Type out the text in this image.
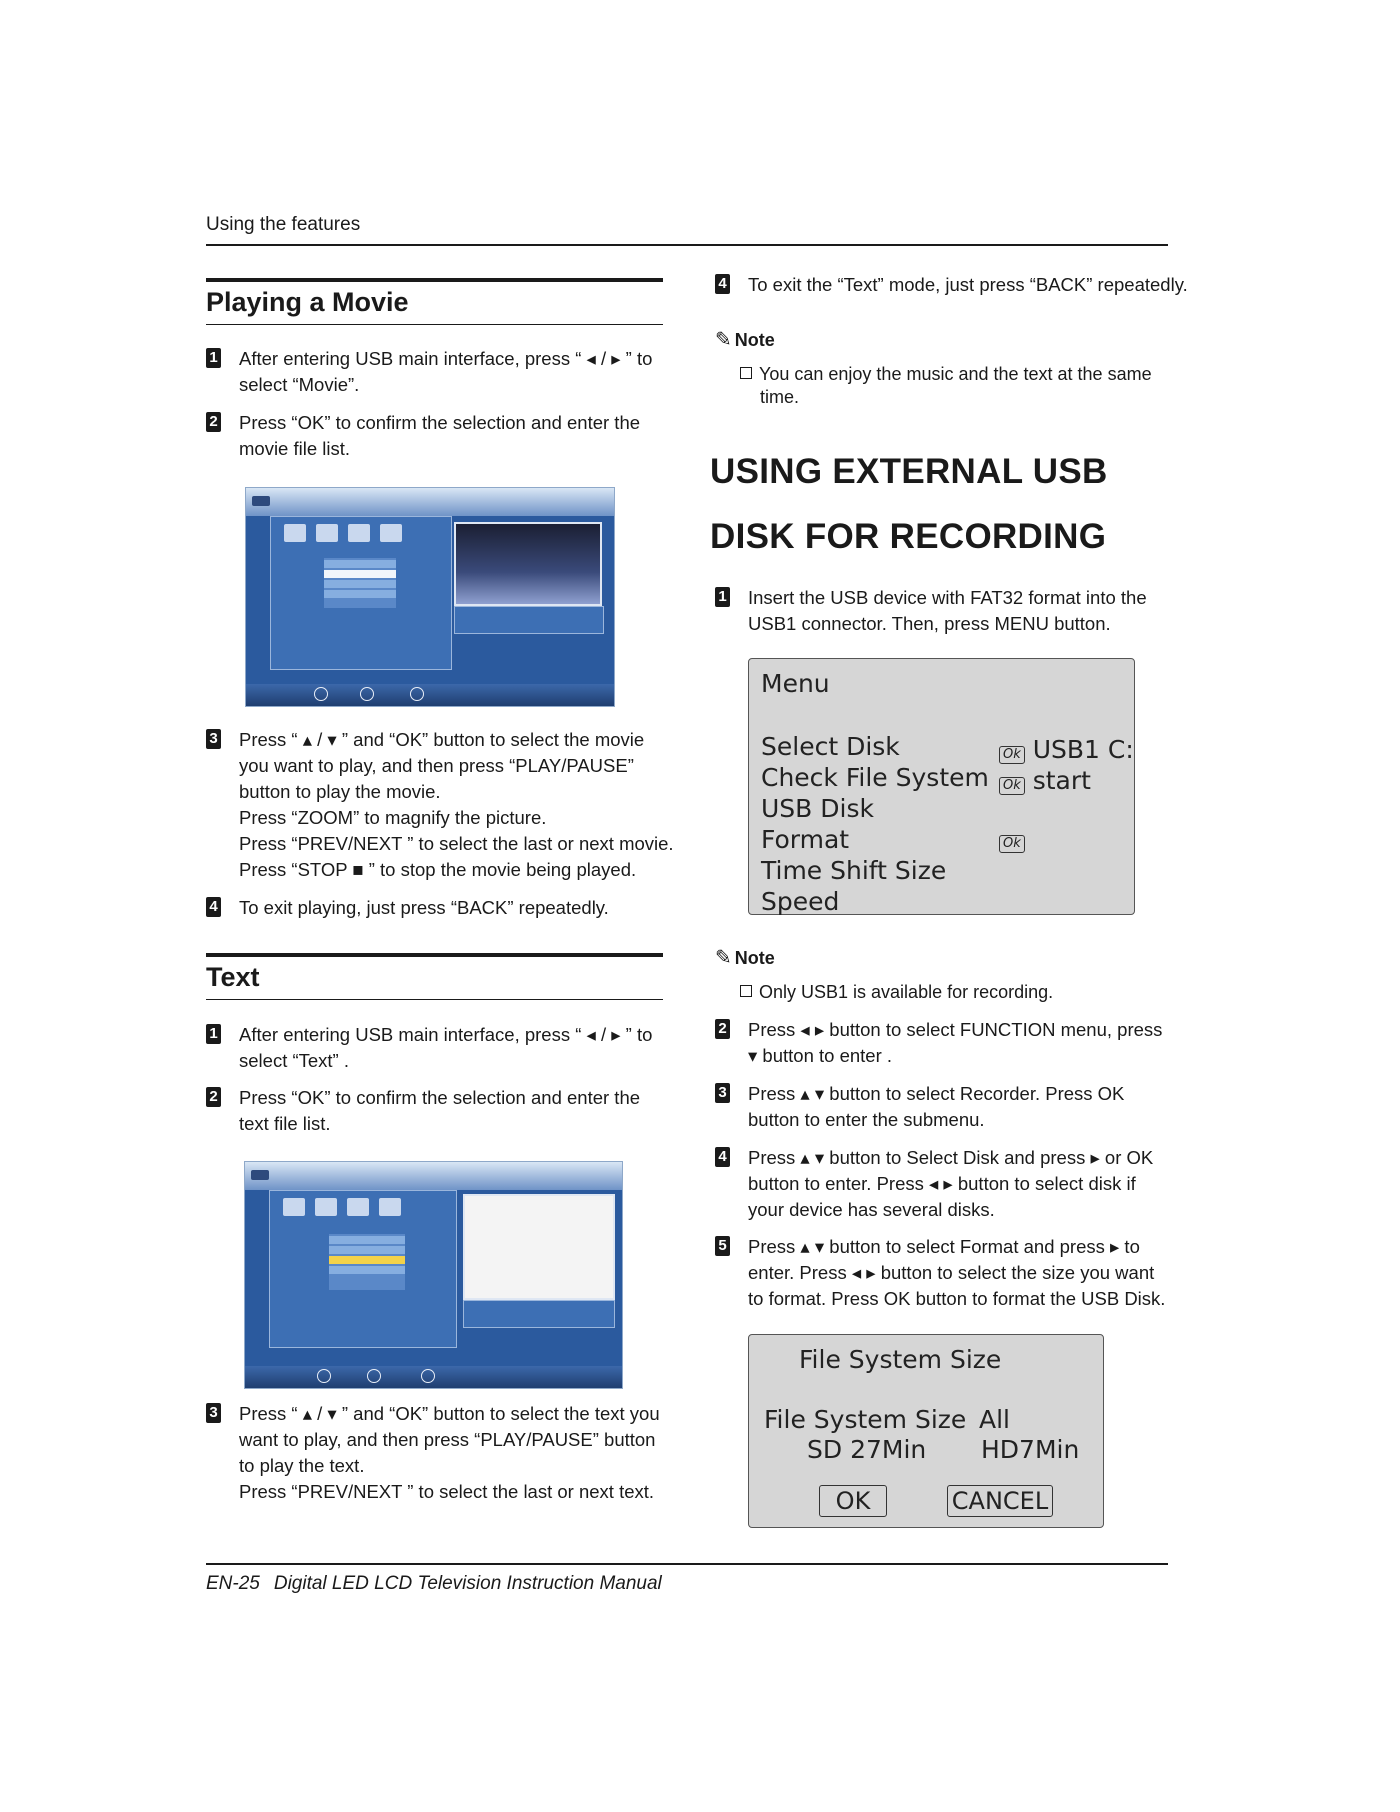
Using the features
Playing a Movie
1 After entering USB main interface, press “ ◂ / ▸ ” to
select “Movie”.
2 Press “OK” to confirm the selection and enter the
movie file list.
3 Press “ ▴ / ▾ ” and “OK” button to select the movie
you want to play, and then press “PLAY/PAUSE”
button to play the movie.
Press “ZOOM” to magnify the picture.
Press “PREV/NEXT ” to select the last or next movie.
Press “STOP ■ ” to stop the movie being played.
4 To exit playing, just press “BACK” repeatedly.
Text
1 After entering USB main interface, press “ ◂ / ▸ ” to
select “Text” .
2 Press “OK” to confirm the selection and enter the
text file list.
3 Press “ ▴ / ▾ ” and “OK” button to select the text you
want to play, and then press “PLAY/PAUSE” button
to play the text.
Press “PREV/NEXT ” to select the last or next text.
4 To exit the “Text” mode, just press “BACK” repeatedly.
✎ Note
You can enjoy the music and the text at the same
time.
USING EXTERNAL USB
DISK FOR RECORDING
1 Insert the USB device with FAT32 format into the
USB1 connector. Then, press MENU button.
Menu
Select Disk
Check File System
USB Disk
Format
Time Shift Size
Speed
Ok USB1 C:
Ok start
Ok
✎ Note
Only USB1 is available for recording.
2 Press ◂ ▸ button to select FUNCTION menu, press
▾ button to enter .
3 Press ▴ ▾ button to select Recorder. Press OK
button to enter the submenu.
4 Press ▴ ▾ button to Select Disk and press ▸ or OK
button to enter. Press ◂ ▸ button to select disk if
your device has several disks.
5 Press ▴ ▾ button to select Format and press ▸ to
enter. Press ◂ ▸ button to select the size you want
to format. Press OK button to format the USB Disk.
File System Size
File System Size All
SD 27Min HD7Min
OK	CANCEL
EN-25 Digital LED LCD Television Instruction Manual
